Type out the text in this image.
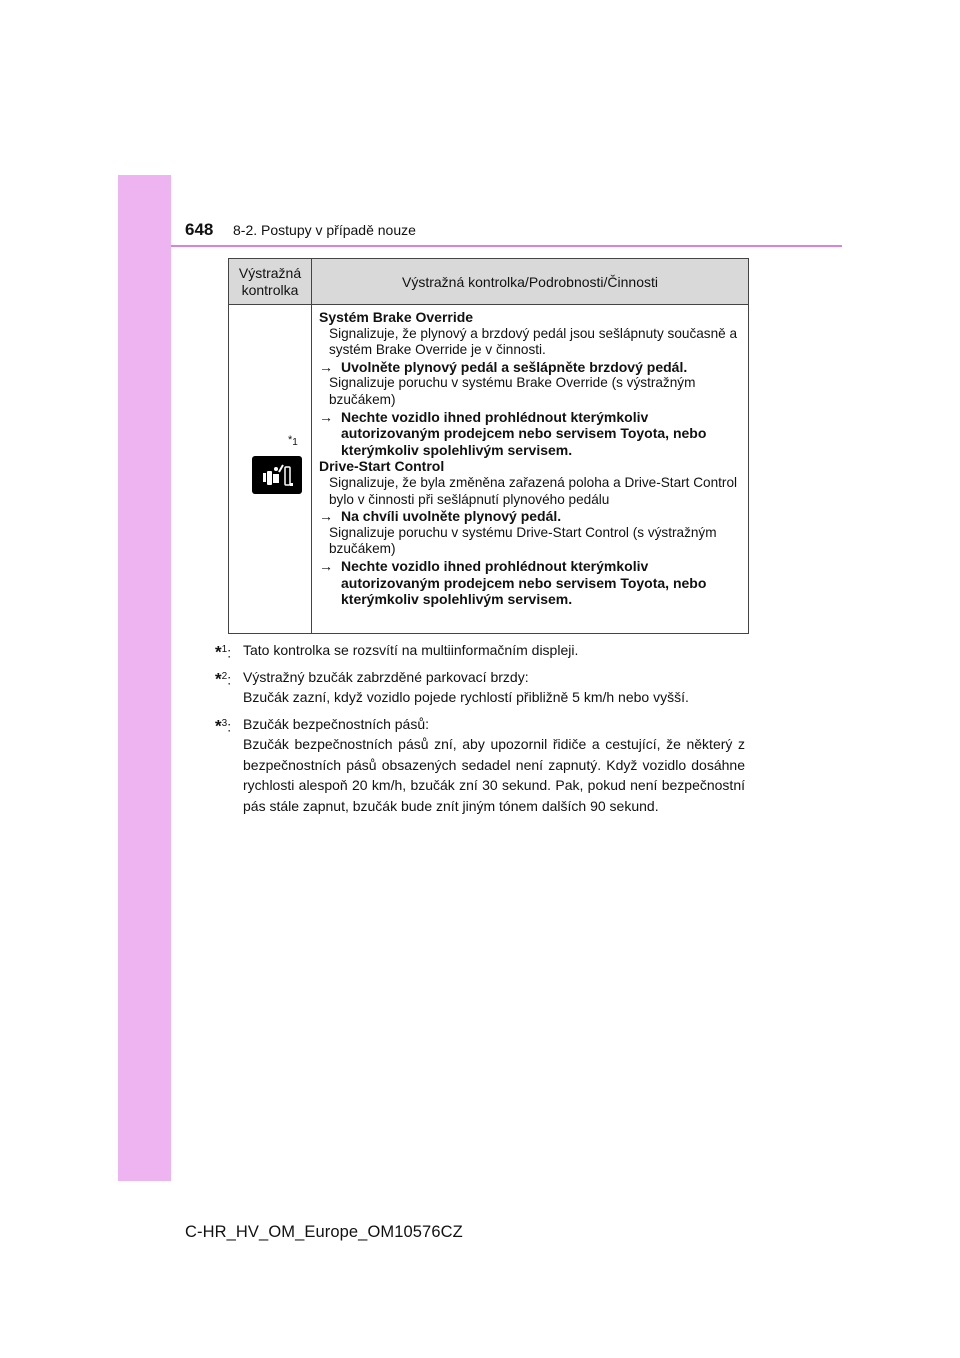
648 8-2. Postupy v případě nouze
Výstražná kontrolka	Výstražná kontrolka/Podrobnosti/Činnosti
*1
Systém Brake Override
Signalizuje, že plynový a brzdový pedál jsou sešlápnuty současně a systém Brake Override je v činnosti.
→ Uvolněte plynový pedál a sešlápněte brzdový pedál.
Signalizuje poruchu v systému Brake Override (s výstražným bzučákem)
→ Nechte vozidlo ihned prohlédnout kterýmkoliv autorizovaným prodejcem nebo servisem Toyota, nebo kterýmkoliv spolehlivým servisem.
Drive-Start Control
Signalizuje, že byla změněna zařazená poloha a Drive-Start Control bylo v činnosti při sešlápnutí plynového pedálu
→ Na chvíli uvolněte plynový pedál.
Signalizuje poruchu v systému Drive-Start Control (s výstražným bzučákem)
→ Nechte vozidlo ihned prohlédnout kterýmkoliv autorizovaným prodejcem nebo servisem Toyota, nebo kterýmkoliv spolehlivým servisem.
*$^1$: Tato kontrolka se rozsvítí na multiinformačním displeji.
*$^2$: Výstražný bzučák zabrzděné parkovací brzdy:
Bzučák zazní, když vozidlo pojede rychlostí přibližně 5 km/h nebo vyšší.
*$^3$: Bzučák bezpečnostních pásů:
Bzučák bezpečnostních pásů zní, aby upozornil řidiče a cestující, že některý z bezpečnostních pásů obsazených sedadel není zapnutý. Když vozidlo dosáhne rychlosti alespoň 20 km/h, bzučák zní 30 sekund. Pak, pokud není bezpečnostní pás stále zapnut, bzučák bude znít jiným tónem dalších 90 sekund.
C-HR_HV_OM_Europe_OM10576CZ
